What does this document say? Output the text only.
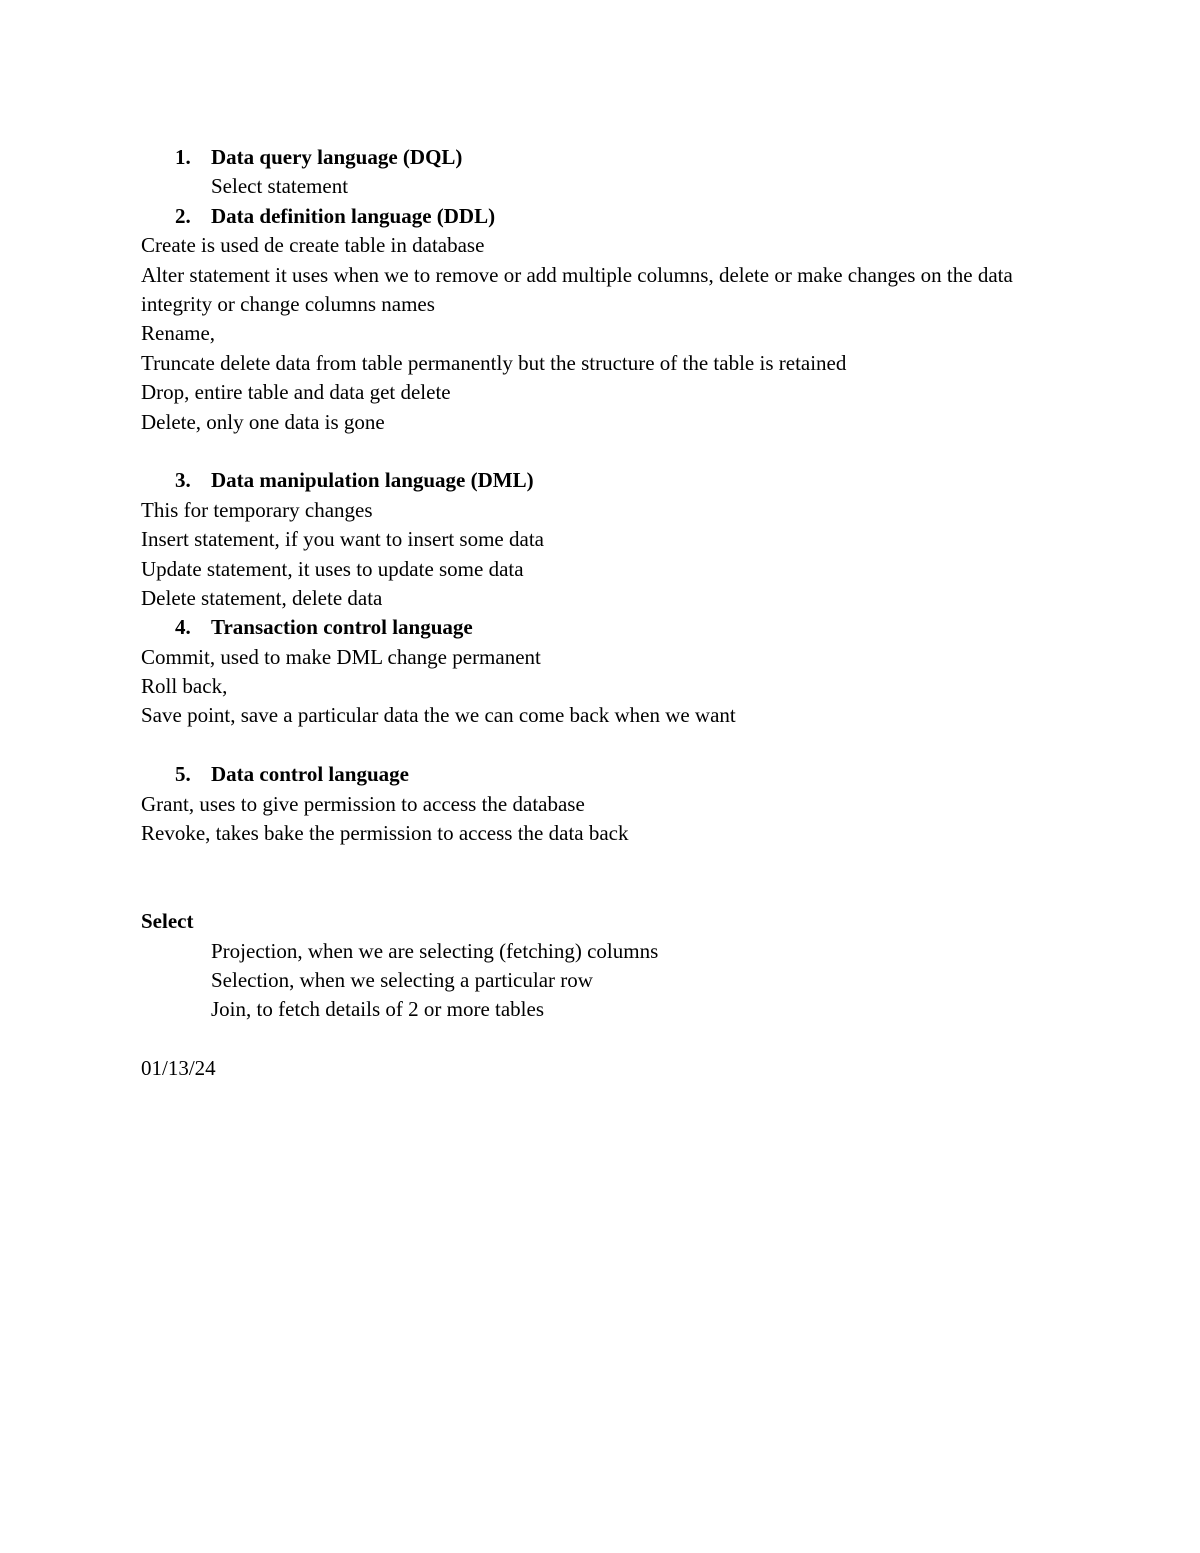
1. Data query language (DQL)
Select statement
2. Data definition language (DDL)
Create is used de create table in database
Alter statement it uses when we to remove or add multiple columns, delete or make changes on the data integrity or change columns names
Rename,
Truncate delete data from table permanently but the structure of the table is retained
Drop, entire table and data get delete
Delete, only one data is gone
3. Data manipulation language (DML)
This for temporary changes
Insert statement, if you want to insert some data
Update statement, it uses to update some data
Delete statement, delete data
4. Transaction control language
Commit, used to make DML change permanent
Roll back,
Save point, save a particular data the we can come back when we want
5. Data control language
Grant, uses to give permission to access the database
Revoke, takes bake the permission to access the data back
Select
Projection, when we are selecting (fetching) columns
Selection, when we selecting a particular row
Join, to fetch details of 2 or more tables
01/13/24
